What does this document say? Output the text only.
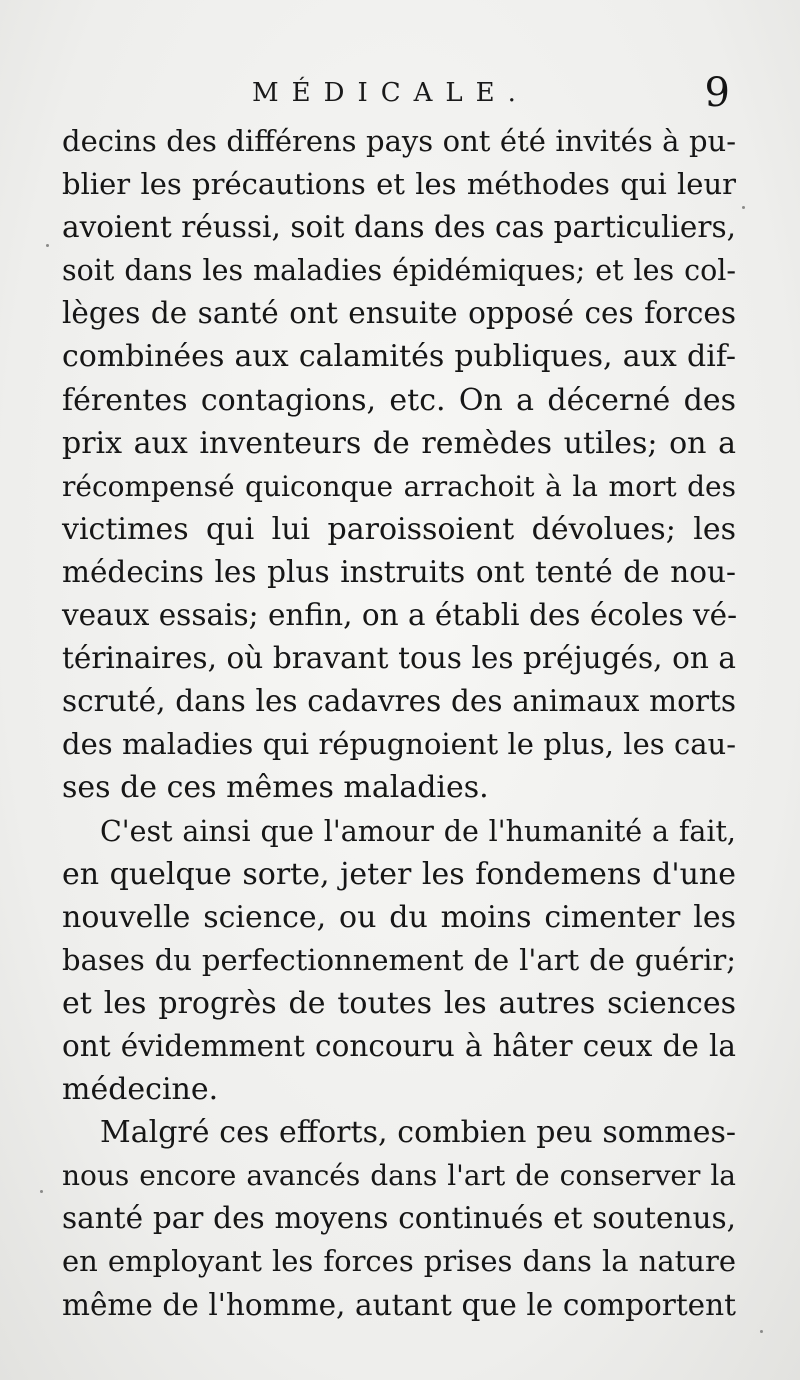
MÉDICALE.	9
decins des différens pays ont été invités à pu-
blier les précautions et les méthodes qui leur
avoient réussi, soit dans des cas particuliers,
soit dans les maladies épidémiques; et les col-
lèges de santé ont ensuite opposé ces forces
combinées aux calamités publiques, aux dif-
férentes contagions, etc. On a décerné des
prix aux inventeurs de remèdes utiles; on a
récompensé quiconque arrachoit à la mort des
victimes qui lui paroissoient dévolues; les
médecins les plus instruits ont tenté de nou-
veaux essais; enfin, on a établi des écoles vé-
térinaires, où bravant tous les préjugés, on a
scruté, dans les cadavres des animaux morts
des maladies qui répugnoient le plus, les cau-
ses de ces mêmes maladies.
C'est ainsi que l'amour de l'humanité a fait,
en quelque sorte, jeter les fondemens d'une
nouvelle science, ou du moins cimenter les
bases du perfectionnement de l'art de guérir;
et les progrès de toutes les autres sciences
ont évidemment concouru à hâter ceux de la
médecine.
Malgré ces efforts, combien peu sommes-
nous encore avancés dans l'art de conserver la
santé par des moyens continués et soutenus,
en employant les forces prises dans la nature
même de l'homme, autant que le comportent
